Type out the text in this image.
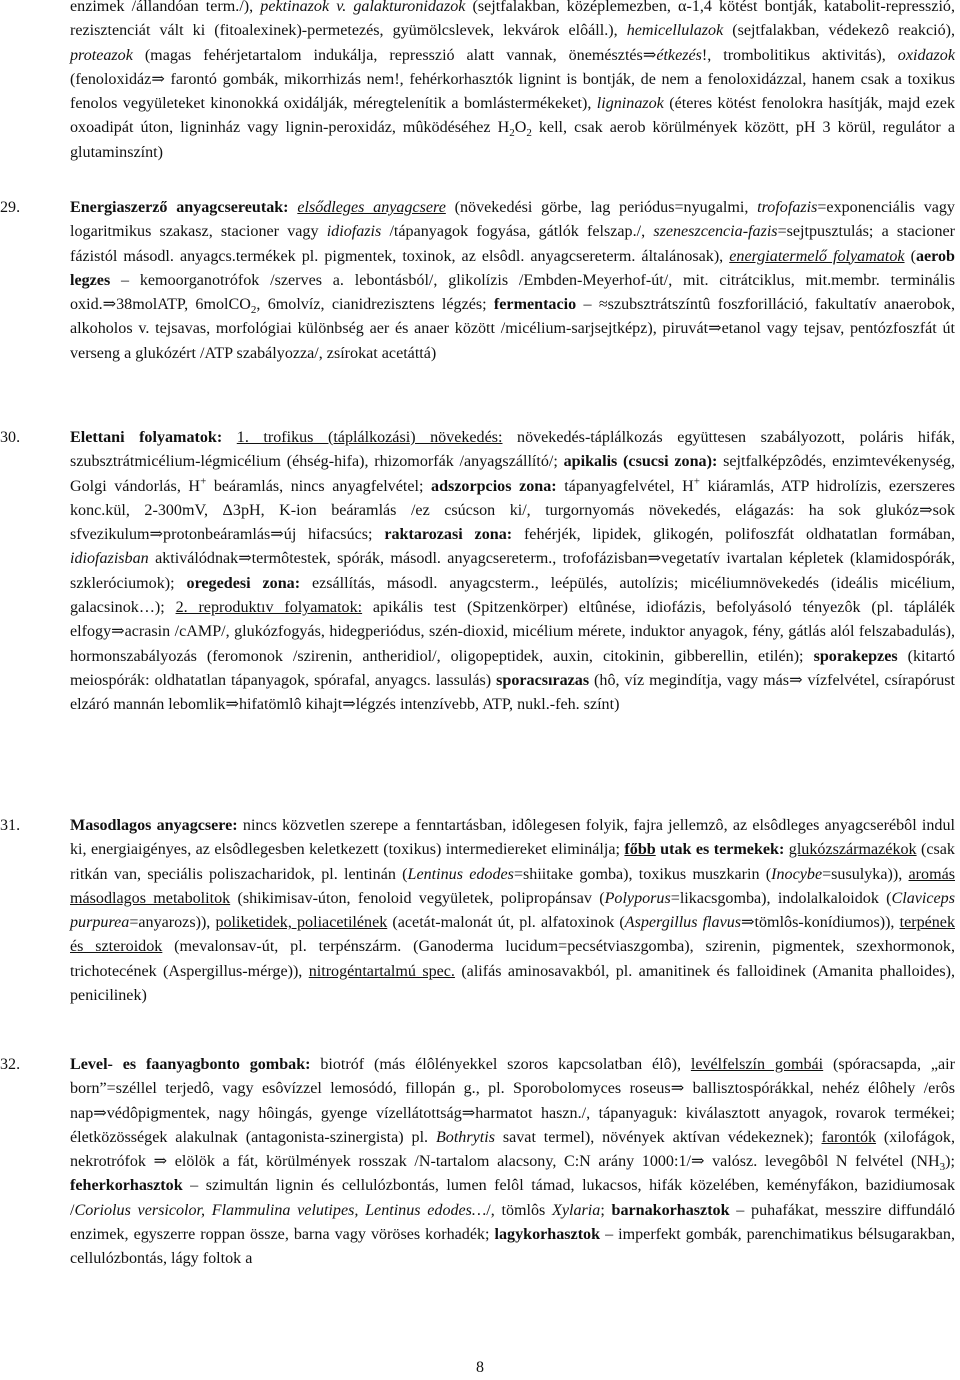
enzimek /állandóan term./), pektinazok v. galakturonidazok (sejtfalakban, középlemezben, α-1,4 kötést bontják, katabolit-represszió, rezisztenciát vált ki (fitoalexinek)-permetezés, gyümölcslevek, lekvárok elôáll.), hemicellulazok (sejtfalakban, védekezô reakció), proteazok (magas fehérjetartalom indukálja, represszió alatt vannak, önemésztés⇒étkezés!, trombolitikus aktivitás), oxidazok (fenoloxidáz⇒ farontó gombák, mikorrhizás nem!, fehérkorhasztók lignint is bontják, de nem a fenoloxidázzal, hanem csak a toxikus fenolos vegyületeket kinonokká oxidálják, méregtelenítik a bomlástermékeket), ligninazok (éteres kötést fenolokra hasítják, majd ezek oxoadipát úton, ligninház vagy lignin-peroxidáz, mûködéséhez $H_2O_2$ kell, csak aerob körülmények között, pH 3 körül, regulátor a glutaminszínt)
29.	Energiaszerző anyagcsereutak: elsődleges anyagcsere (növekedési görbe, lag periódus=nyugalmi, trofofazis=exponenciális vagy logaritmikus szakasz, stacioner vagy idiofazis /tápanyagok fogyása, gátlók felszap./, szeneszcencia-fazis=sejtpusztulás; a stacioner fázistól másodl. anyagcs.termékek pl. pigmentek, toxinok, az elsôdl. anyagcsereterm. általánosak), energiatermelő folyamatok (aerob legzes – kemoorganotrófok /szerves a. lebontásból/, glikolízis /Embden-Meyerhof-út/, mit. citrátciklus, mit.membr. terminális oxid.⇒38molATP, 6molCO$_2$, 6molvíz, cianidrezisztens légzés; fermentacio – ≈szubsztrátszíntû foszforilláció, fakultatív anaerobok, alkoholos v. tejsavas, morfológiai különbség aer és anaer között /micélium-sarjsejtképz), piruvát⇒etanol vagy tejsav, pentózfoszfát út verseng a glukózért /ATP szabályozza/, zsírokat acetáttá)
30.	Elettani folyamatok: 1. trofikus (táplálkozási) növekedés: növekedés-táplálkozás együttesen szabályozott, poláris hifák, szubsztrátmicélium-légmicélium (éhség-hifa), rhizomorfák /anyagszállító/; apikalis (csucsi zona): sejtfalképzôdés, enzimtevékenység, Golgi vándorlás, H+ beáramlás, nincs anyagfelvétel; adszorpcios zona: tápanyagfelvétel, H+ kiáramlás, ATP hidrolízis, ezerszeres konc.kül, 2-300mV, Δ3pH, K-ion beáramlás /ez csúcson ki/, turgornyomás növekedés, elágazás: ha sok glukóz⇒sok sfvezikulum⇒protonbeáramlás⇒új hifacsúcs; raktarozasi zona: fehérjék, lipidek, glikogén, polifoszfát oldhatatlan formában, idiofazisban aktiválódnak⇒termôtestek, spórák, másodl. anyagcsereterm., trofofázisban⇒vegetatív ivartalan képletek (klamidospórák, szkleróciumok); oregedesi zona: ezsállítás, másodl. anyagcsterm., leépülés, autolízis; micéliumnövekedés (ideális micélium, galacsinok…); 2. reproduktıv folyamatok: apikális test (Spitzenkörper) eltûnése, idiofázis, befolyásoló tényezôk (pl. táplálék elfogy⇒acrasin /cAMP/, glukózfogyás, hidegperiódus, szén-dioxid, micélium mérete, induktor anyagok, fény, gátlás alól felszabadulás), hormonszabályozás (feromonok /szirenin, antheridiol/, oligopeptidek, auxin, citokinin, gibberellin, etilén); sporakepzes (kitartó meiospórák: oldhatatlan tápanyagok, spórafal, anyagcs. lassulás) sporacsırazas (hô, víz megindítja, vagy más⇒ vízfelvétel, csírapórust elzáró mannán lebomlik⇒hifatömlô kihajt⇒légzés intenzívebb, ATP, nukl.-feh. színt)
31.	Masodlagos anyagcsere: nincs közvetlen szerepe a fenntartásban, idôlegesen folyik, fajra jellemzô, az elsôdleges anyagcserébôl indul ki, energiaigényes, az elsôdlegesben keletkezett (toxikus) intermediereket eliminálja; főbb utak es termekek: glukózszármazékok (csak ritkán van, speciális poliszacharidok, pl. lentinán (Lentinus edodes=shiitake gomba), toxikus muszkarin (Inocybe=susulyka)), aromás másodlagos metabolitok (shikimisav-úton, fenoloid vegyületek, polipropánsav (Polyporus=likacsgomba), indolalkaloidok (Claviceps purpurea=anyarozs)), poliketidek, poliacetilének (acetát-malonát út, pl. alfatoxinok (Aspergillus flavus⇒tömlôs-konídiumos)), terpének és szteroidok (mevalonsav-út, pl. terpénszárm. (Ganoderma lucidum=pecsétviaszgomba), szirenin, pigmentek, szexhormonok, trichotecének (Aspergillus-mérge)), nitrogéntartalmú spec. (alifás aminosavakból, pl. amanitinek és falloidinek (Amanita phalloides), penicilinek)
32.	Level- es faanyagbonto gombak: biotróf (más élôlényekkel szoros kapcsolatban élô), levélfelszín gombái (spóracsapda, „air born”=széllel terjedô, vagy esôvízzel lemosódó, fillopán g., pl. Sporobolomyces roseus⇒ ballisztospórákkal, nehéz élôhely /erôs nap⇒védôpigmentek, nagy hôingás, gyenge vízellátottság⇒harmatot haszn./, tápanyaguk: kiválasztott anyagok, rovarok termékei; életközösségek alakulnak (antagonista-szinergista) pl. Bothrytis savat termel), növények aktívan védekeznek); farontók (xilofágok, nekrotrófok ⇒ elölök a fát, körülmények rosszak /N-tartalom alacsony, C:N arány 1000:1/⇒ valósz. levegôbôl N felvétel $(NH_3)$; feherkorhasztok – szimultán lignin és cellulózbontás, lumen felôl támad, lukacsos, hifák közelében, keményfákon, bazidiumosak /Coriolus versicolor, Flammulina velutipes, Lentinus edodes…/, tömlôs Xylaria; barnakorhasztok – puhafákat, messzire diffundáló enzimek, egyszerre roppan össze, barna vagy vöröses korhadék; lagykorhasztok – imperfekt gombák, parenchimatikus bélsugarakban, cellulózbontás, lágy foltok a
8
